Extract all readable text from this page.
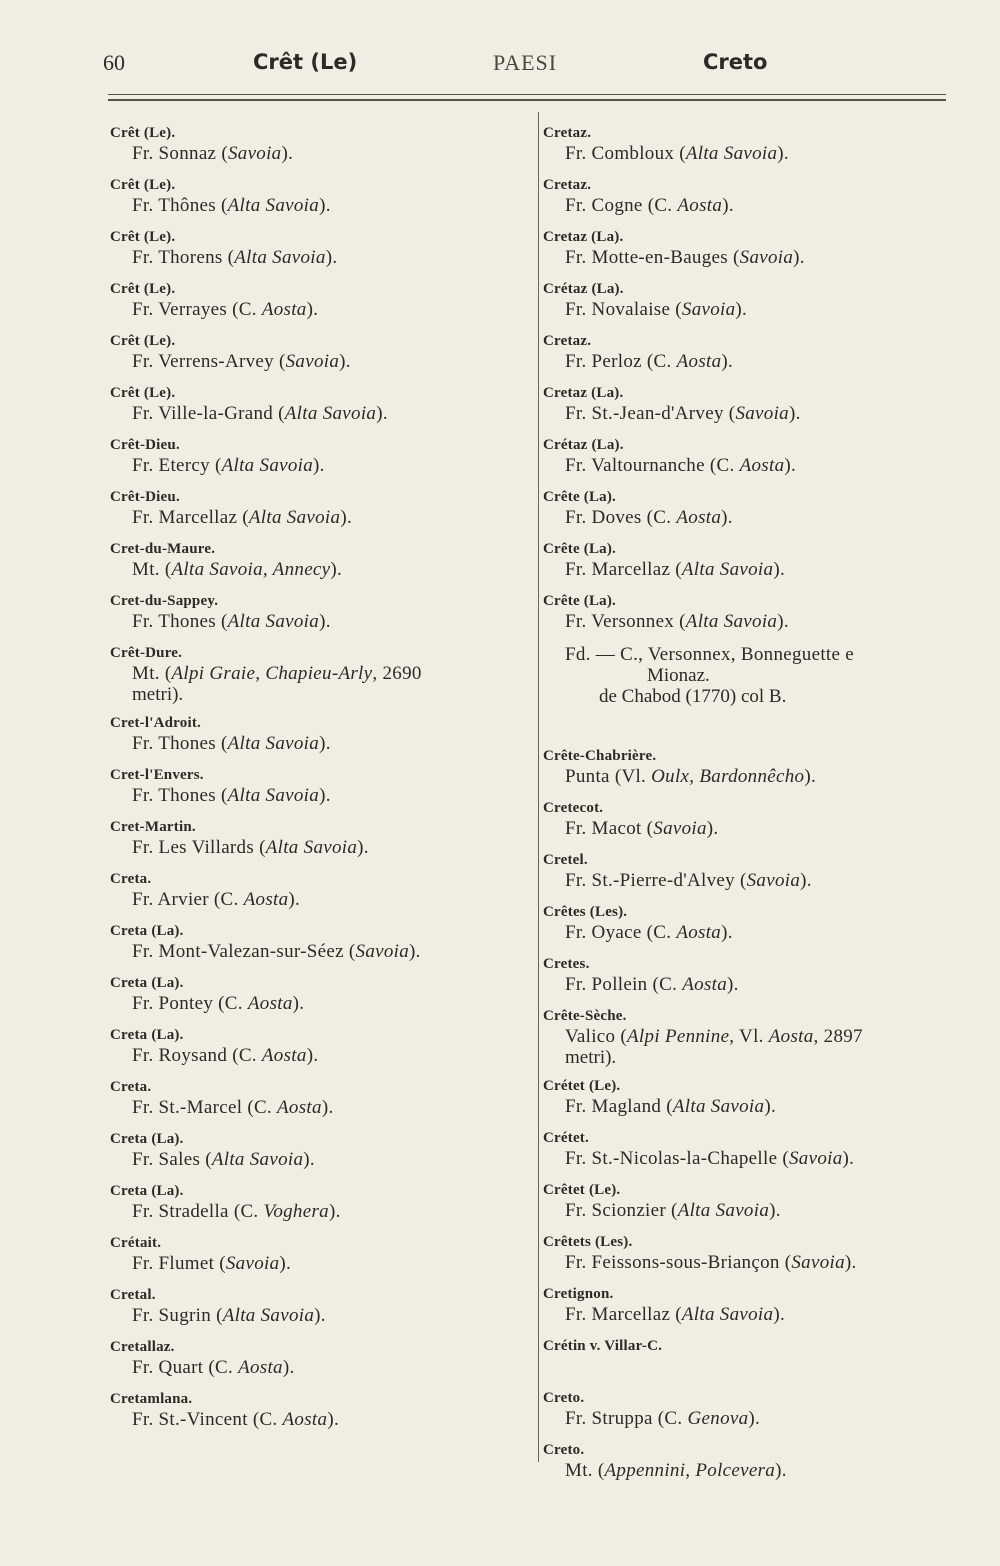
60	Crêt (Le)	PAESI	Creto
Crêt (Le).
Fr. Sonnaz (Savoia).
Crêt (Le).
Fr. Thônes (Alta Savoia).
Crêt (Le).
Fr. Thorens (Alta Savoia).
Crêt (Le).
Fr. Verrayes (C. Aosta).
Crêt (Le).
Fr. Verrens-Arvey (Savoia).
Crêt (Le).
Fr. Ville-la-Grand (Alta Savoia).
Crêt-Dieu.
Fr. Etercy (Alta Savoia).
Crêt-Dieu.
Fr. Marcellaz (Alta Savoia).
Cret-du-Maure.
Mt. (Alta Savoia, Annecy).
Cret-du-Sappey.
Fr. Thones (Alta Savoia).
Crêt-Dure.
Mt. (Alpi Graie, Chapieu-Arly, 2690
metri).
Cret-l'Adroit.
Fr. Thones (Alta Savoia).
Cret-l'Envers.
Fr. Thones (Alta Savoia).
Cret-Martin.
Fr. Les Villards (Alta Savoia).
Creta.
Fr. Arvier (C. Aosta).
Creta (La).
Fr. Mont-Valezan-sur-Séez (Savoia).
Creta (La).
Fr. Pontey (C. Aosta).
Creta (La).
Fr. Roysand (C. Aosta).
Creta.
Fr. St.-Marcel (C. Aosta).
Creta (La).
Fr. Sales (Alta Savoia).
Creta (La).
Fr. Stradella (C. Voghera).
Crétait.
Fr. Flumet (Savoia).
Cretal.
Fr. Sugrin (Alta Savoia).
Cretallaz.
Fr. Quart (C. Aosta).
Cretamlana.
Fr. St.-Vincent (C. Aosta).
Cretaz.
Fr. Combloux (Alta Savoia).
Cretaz.
Fr. Cogne (C. Aosta).
Cretaz (La).
Fr. Motte-en-Bauges (Savoia).
Crétaz (La).
Fr. Novalaise (Savoia).
Cretaz.
Fr. Perloz (C. Aosta).
Cretaz (La).
Fr. St.-Jean-d'Arvey (Savoia).
Crétaz (La).
Fr. Valtournanche (C. Aosta).
Crête (La).
Fr. Doves (C. Aosta).
Crête (La).
Fr. Marcellaz (Alta Savoia).
Crête (La).
Fr. Versonnex (Alta Savoia).
Fd. — C., Versonnex, Bonneguette e
Mionaz.
de Chabod (1770) col B.
Crête-Chabrière.
Punta (Vl. Oulx, Bardonnêcho).
Cretecot.
Fr. Macot (Savoia).
Cretel.
Fr. St.-Pierre-d'Alvey (Savoia).
Crêtes (Les).
Fr. Oyace (C. Aosta).
Cretes.
Fr. Pollein (C. Aosta).
Crête-Sèche.
Valico (Alpi Pennine, Vl. Aosta, 2897
metri).
Crétet (Le).
Fr. Magland (Alta Savoia).
Crétet.
Fr. St.-Nicolas-la-Chapelle (Savoia).
Crêtet (Le).
Fr. Scionzier (Alta Savoia).
Crêtets (Les).
Fr. Feissons-sous-Briançon (Savoia).
Cretignon.
Fr. Marcellaz (Alta Savoia).
Crétin v. Villar-C.
Creto.
Fr. Struppa (C. Genova).
Creto.
Mt. (Appennini, Polcevera).
